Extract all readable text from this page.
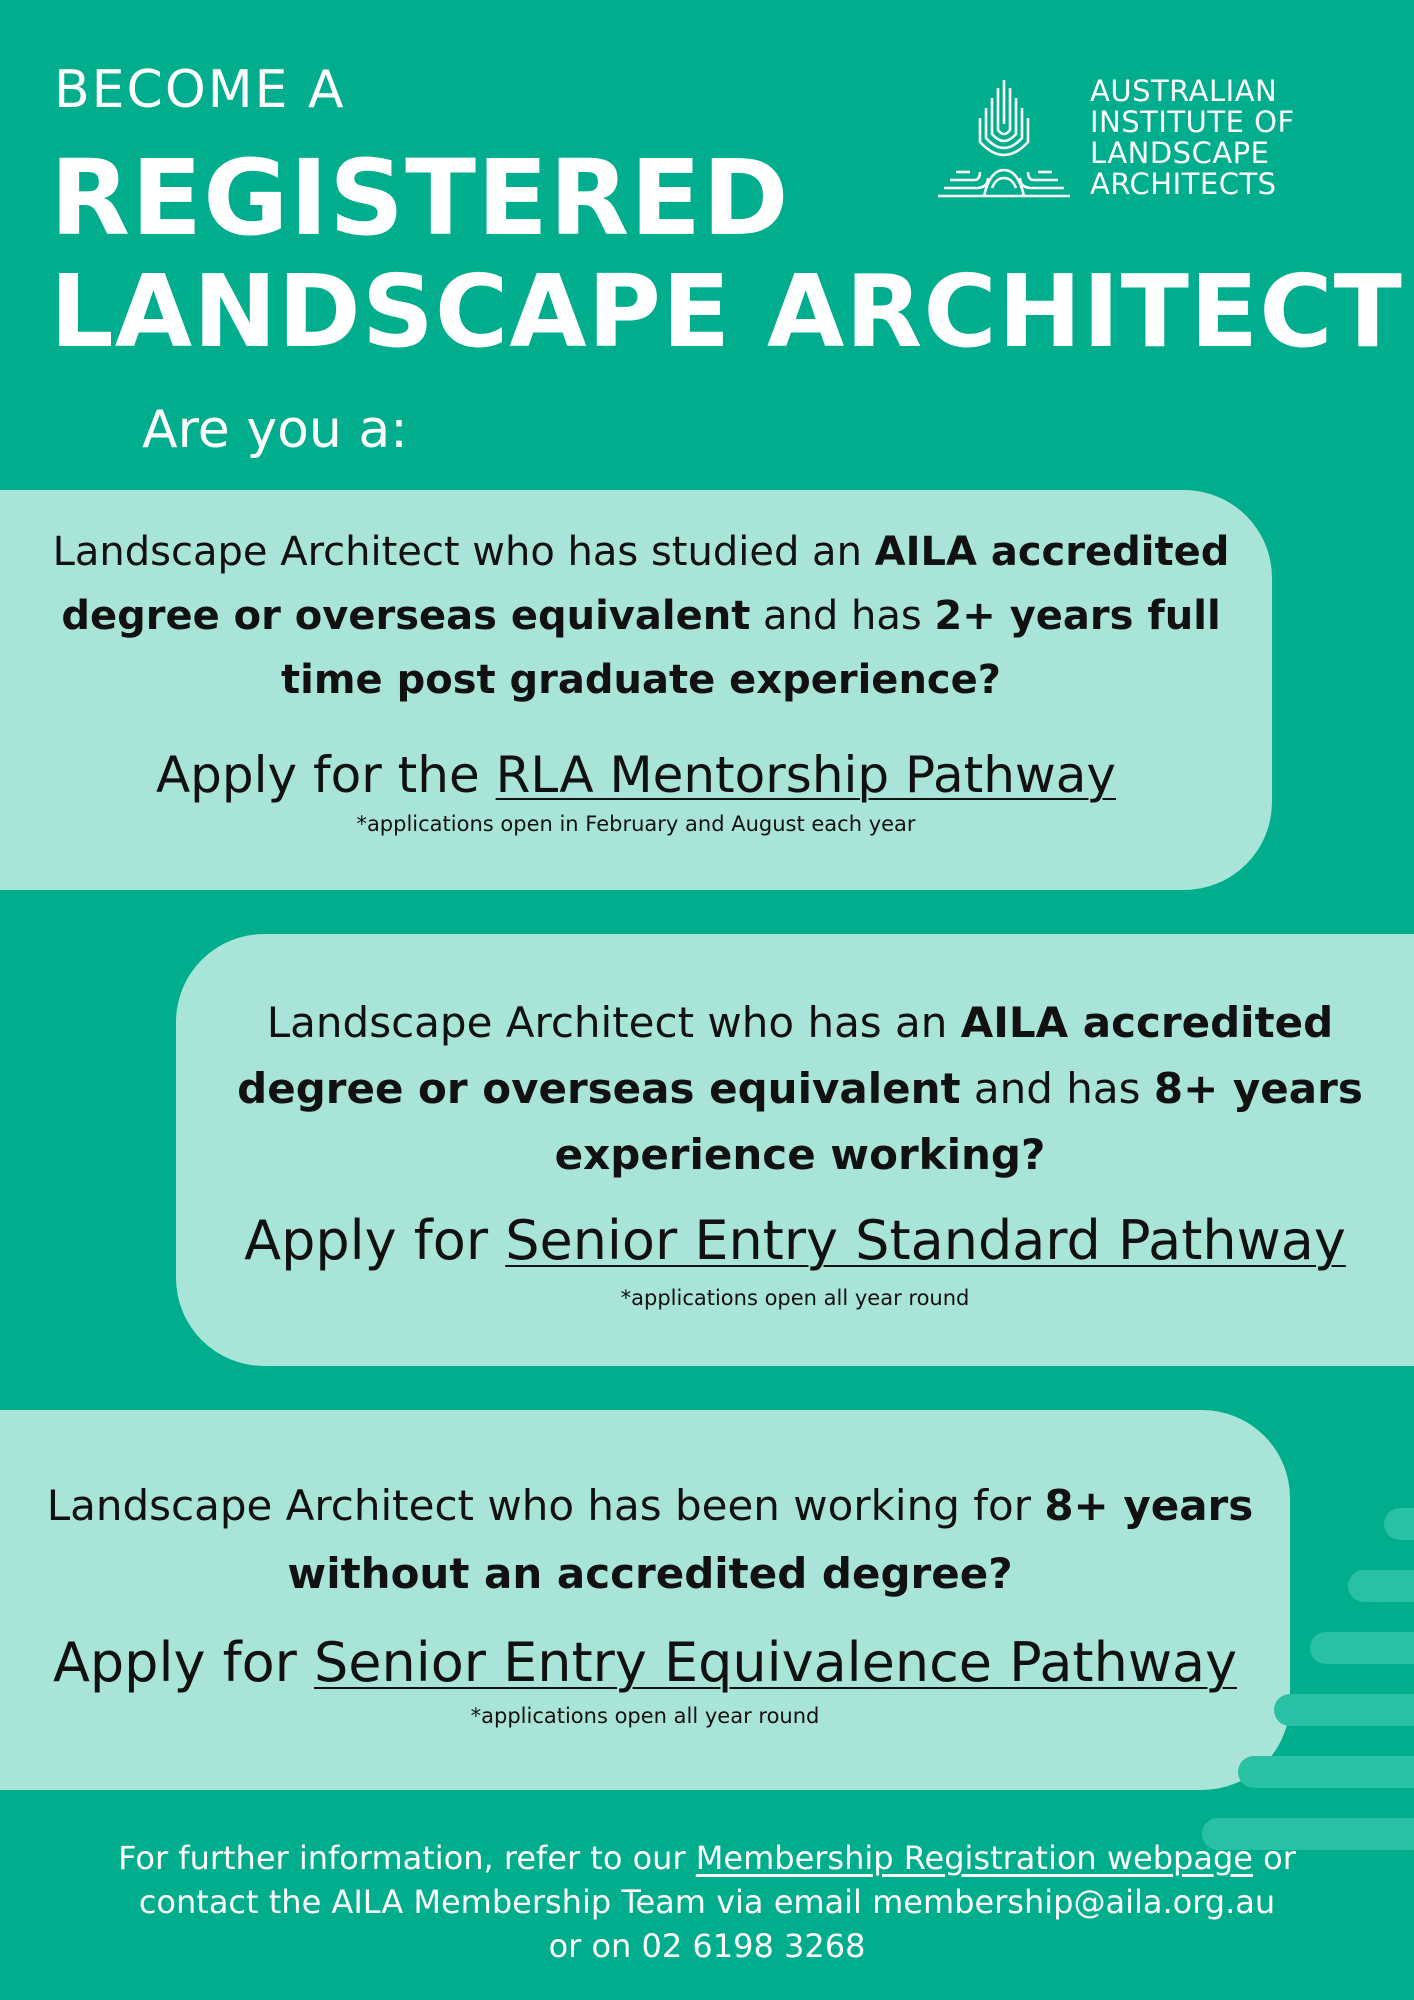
BECOME A
REGISTERED
LANDSCAPE ARCHITECT
AUSTRALIAN
INSTITUTE OF
LANDSCAPE
ARCHITECTS
Are you a:
Landscape Architect who has studied an AILA accredited degree or overseas equivalent and has 2+ years full time post graduate experience?
Apply for the RLA Mentorship Pathway
*applications open in February and August each year
Landscape Architect who has an AILA accredited degree or overseas equivalent and has 8+ years experience working?
Apply for Senior Entry Standard Pathway
*applications open all year round
Landscape Architect who has been working for 8+ years without an accredited degree?
Apply for Senior Entry Equivalence Pathway
*applications open all year round
For further information, refer to our Membership Registration webpage or
contact the AILA Membership Team via email membership@aila.org.au
or on 02 6198 3268
